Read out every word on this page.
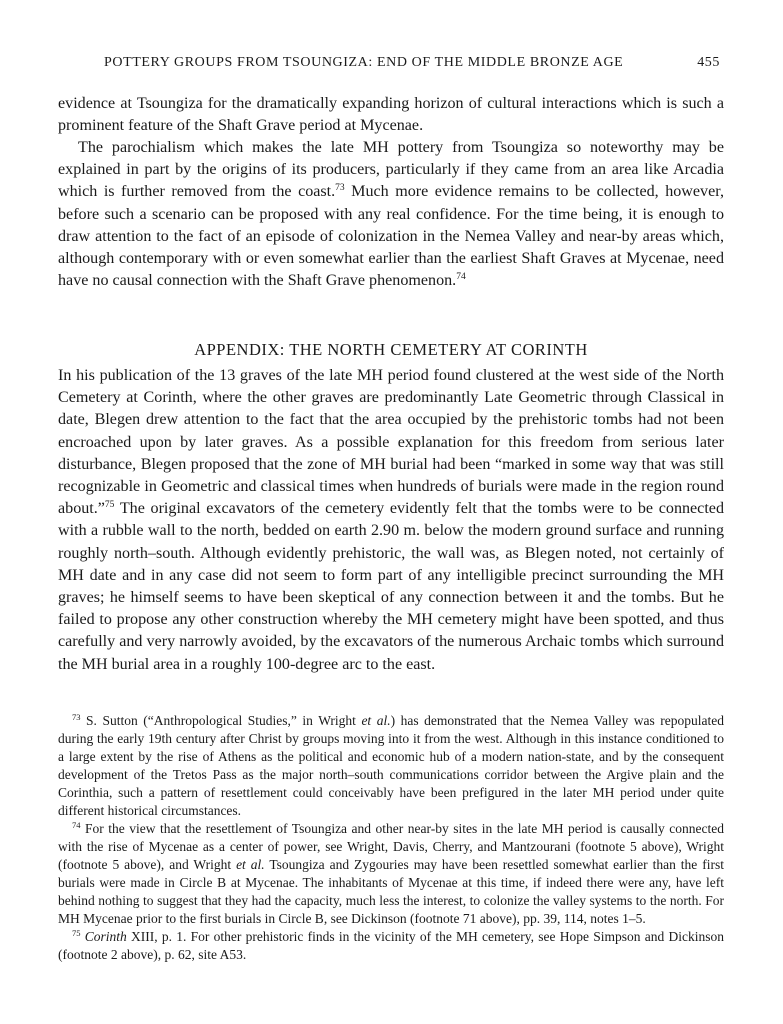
POTTERY GROUPS FROM TSOUNGIZA: END OF THE MIDDLE BRONZE AGE	455

evidence at Tsoungiza for the dramatically expanding horizon of cultural interactions which is such a prominent feature of the Shaft Grave period at Mycenae.

The parochialism which makes the late MH pottery from Tsoungiza so noteworthy may be explained in part by the origins of its producers, particularly if they came from an area like Arcadia which is further removed from the coast.$^{73}$ Much more evidence remains to be collected, however, before such a scenario can be proposed with any real confidence. For the time being, it is enough to draw attention to the fact of an episode of colonization in the Nemea Valley and near-by areas which, although contemporary with or even somewhat earlier than the earliest Shaft Graves at Mycenae, need have no causal connection with the Shaft Grave phenomenon.$^{74}$

APPENDIX: THE NORTH CEMETERY AT CORINTH

In his publication of the 13 graves of the late MH period found clustered at the west side of the North Cemetery at Corinth, where the other graves are predominantly Late Geometric through Classical in date, Blegen drew attention to the fact that the area occupied by the prehistoric tombs had not been encroached upon by later graves. As a possible explanation for this freedom from serious later disturbance, Blegen proposed that the zone of MH burial had been “marked in some way that was still recognizable in Geometric and classical times when hundreds of burials were made in the region round about.”$^{75}$ The original excavators of the cemetery evidently felt that the tombs were to be connected with a rubble wall to the north, bedded on earth 2.90 m. below the modern ground surface and running roughly north–south. Although evidently prehistoric, the wall was, as Blegen noted, not certainly of MH date and in any case did not seem to form part of any intelligible precinct surrounding the MH graves; he himself seems to have been skeptical of any connection between it and the tombs. But he failed to propose any other construction whereby the MH cemetery might have been spotted, and thus carefully and very narrowly avoided, by the excavators of the numerous Archaic tombs which surround the MH burial area in a roughly 100-degree arc to the east.

$^{73}$ S. Sutton (“Anthropological Studies,” in Wright et al.) has demonstrated that the Nemea Valley was repopulated during the early 19th century after Christ by groups moving into it from the west. Although in this instance conditioned to a large extent by the rise of Athens as the political and economic hub of a modern nation-state, and by the consequent development of the Tretos Pass as the major north–south communications corridor between the Argive plain and the Corinthia, such a pattern of resettlement could conceivably have been prefigured in the later MH period under quite different historical circumstances.

$^{74}$ For the view that the resettlement of Tsoungiza and other near-by sites in the late MH period is causally connected with the rise of Mycenae as a center of power, see Wright, Davis, Cherry, and Mantzourani (footnote 5 above), Wright (footnote 5 above), and Wright et al. Tsoungiza and Zygouries may have been resettled somewhat earlier than the first burials were made in Circle B at Mycenae. The inhabitants of Mycenae at this time, if indeed there were any, have left behind nothing to suggest that they had the capacity, much less the interest, to colonize the valley systems to the north. For MH Mycenae prior to the first burials in Circle B, see Dickinson (footnote 71 above), pp. 39, 114, notes 1–5.

$^{75}$ Corinth XIII, p. 1. For other prehistoric finds in the vicinity of the MH cemetery, see Hope Simpson and Dickinson (footnote 2 above), p. 62, site A53.
